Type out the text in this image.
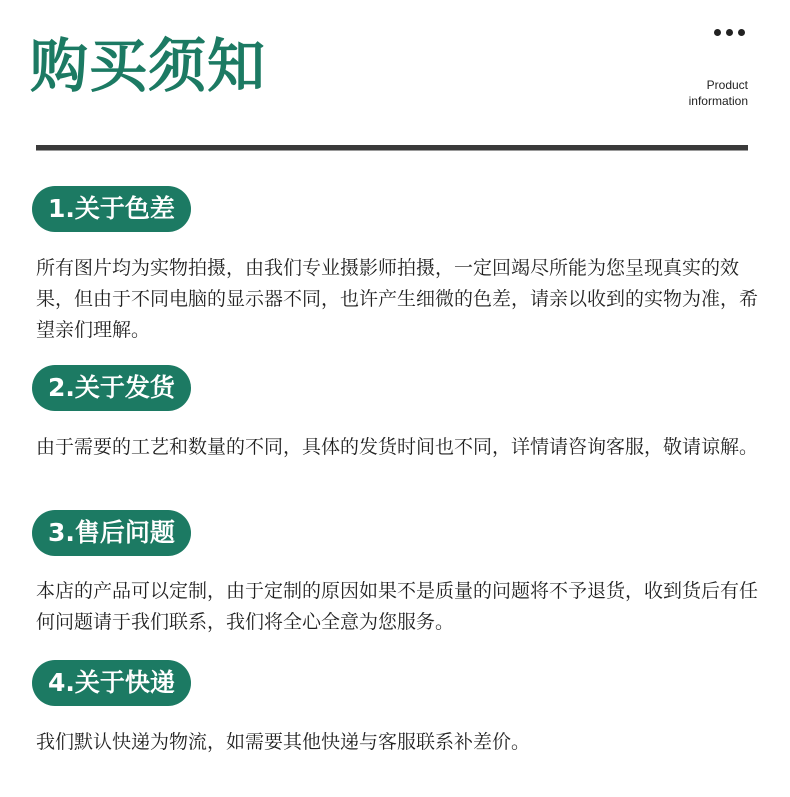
购买须知	Product
information
1.关于色差

所有图片均为实物拍摄，由我们专业摄影师拍摄，一定回竭尽所能为您呈现真实的效果，但由于不同电脑的显示器不同，也许产生细微的色差，请亲以收到的实物为准，希望亲们理解。

2.关于发货

由于需要的工艺和数量的不同，具体的发货时间也不同，详情请咨询客服，敬请谅解。

3.售后问题

本店的产品可以定制，由于定制的原因如果不是质量的问题将不予退货，收到货后有任何问题请于我们联系，我们将全心全意为您服务。

4.关于快递

我们默认快递为物流，如需要其他快递与客服联系补差价。
